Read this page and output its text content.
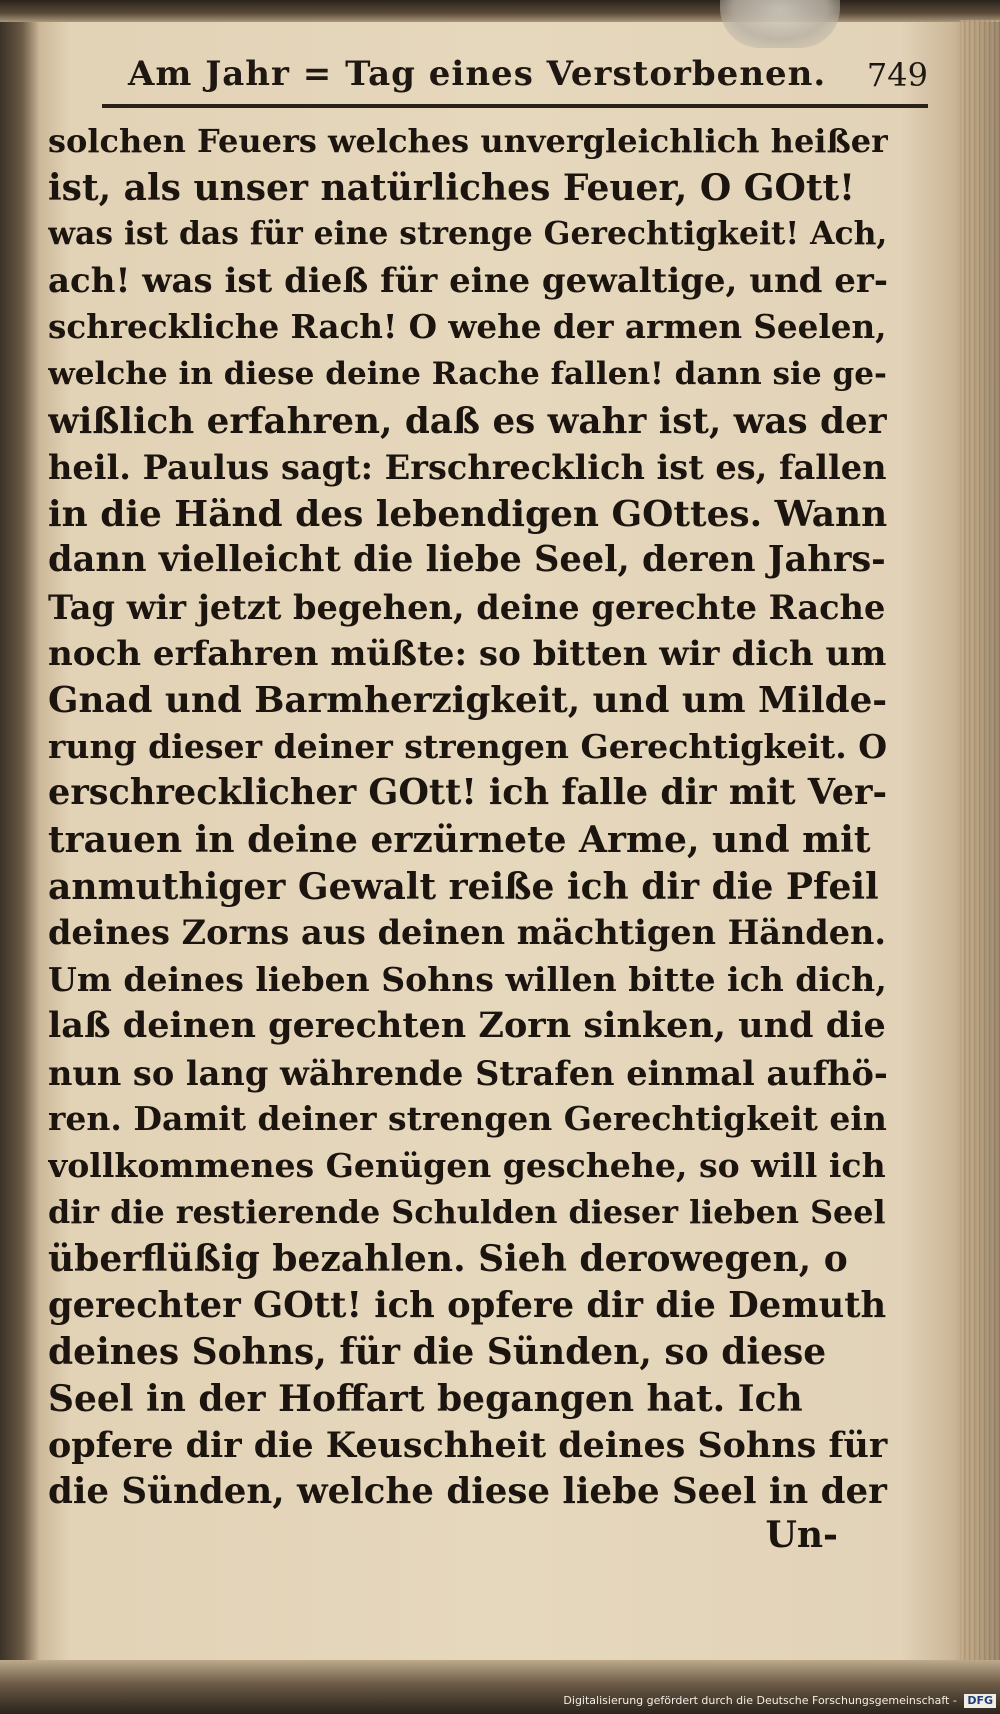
Am Jahr = Tag eines Verstorbenen. 749
solchen Feuers welches unvergleichlich heißer
ist, als unser natürliches Feuer, O GOtt!
was ist das für eine strenge Gerechtigkeit! Ach,
ach! was ist dieß für eine gewaltige, und er-
schreckliche Rach! O wehe der armen Seelen,
welche in diese deine Rache fallen! dann sie ge-
wißlich erfahren, daß es wahr ist, was der
heil. Paulus sagt: Erschrecklich ist es, fallen
in die Händ des lebendigen GOttes. Wann
dann vielleicht die liebe Seel, deren Jahrs-
Tag wir jetzt begehen, deine gerechte Rache
noch erfahren müßte: so bitten wir dich um
Gnad und Barmherzigkeit, und um Milde-
rung dieser deiner strengen Gerechtigkeit. O
erschrecklicher GOtt! ich falle dir mit Ver-
trauen in deine erzürnete Arme, und mit
anmuthiger Gewalt reiße ich dir die Pfeil
deines Zorns aus deinen mächtigen Händen.
Um deines lieben Sohns willen bitte ich dich,
laß deinen gerechten Zorn sinken, und die
nun so lang währende Strafen einmal aufhö-
ren. Damit deiner strengen Gerechtigkeit ein
vollkommenes Genügen geschehe, so will ich
dir die restierende Schulden dieser lieben Seel
überflüßig bezahlen. Sieh derowegen, o
gerechter GOtt! ich opfere dir die Demuth
deines Sohns, für die Sünden, so diese
Seel in der Hoffart begangen hat. Ich
opfere dir die Keuschheit deines Sohns für
die Sünden, welche diese liebe Seel in der
Un-
Digitalisierung gefördert durch die Deutsche Forschungsgemeinschaft - DFG
